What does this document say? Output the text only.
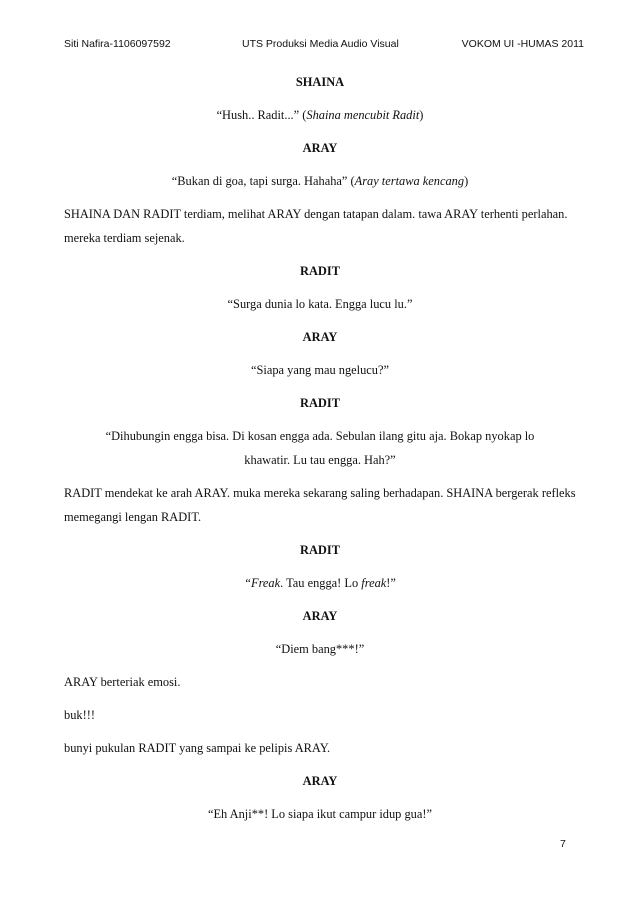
Siti Nafira-1106097592	UTS Produksi Media Audio Visual	VOKOM UI -HUMAS 2011
SHAINA
“Hush.. Radit...” (Shaina mencubit Radit)
ARAY
“Bukan di goa, tapi surga. Hahaha” (Aray tertawa kencang)
SHAINA DAN RADIT terdiam, melihat ARAY dengan tatapan dalam. tawa ARAY terhenti perlahan. mereka terdiam sejenak.
RADIT
“Surga dunia lo kata. Engga lucu lu.”
ARAY
“Siapa yang mau ngelucu?”
RADIT
“Dihubungin engga bisa. Di kosan engga ada. Sebulan ilang gitu aja. Bokap nyokap lo khawatir. Lu tau engga. Hah?”
RADIT mendekat ke arah ARAY. muka mereka sekarang saling berhadapan. SHAINA bergerak refleks memegangi lengan RADIT.
RADIT
“Freak. Tau engga! Lo freak!”
ARAY
“Diem bang***!”
ARAY berteriak emosi.
buk!!!
bunyi pukulan RADIT yang sampai ke pelipis ARAY.
ARAY
“Eh Anji**! Lo siapa ikut campur idup gua!”
7
